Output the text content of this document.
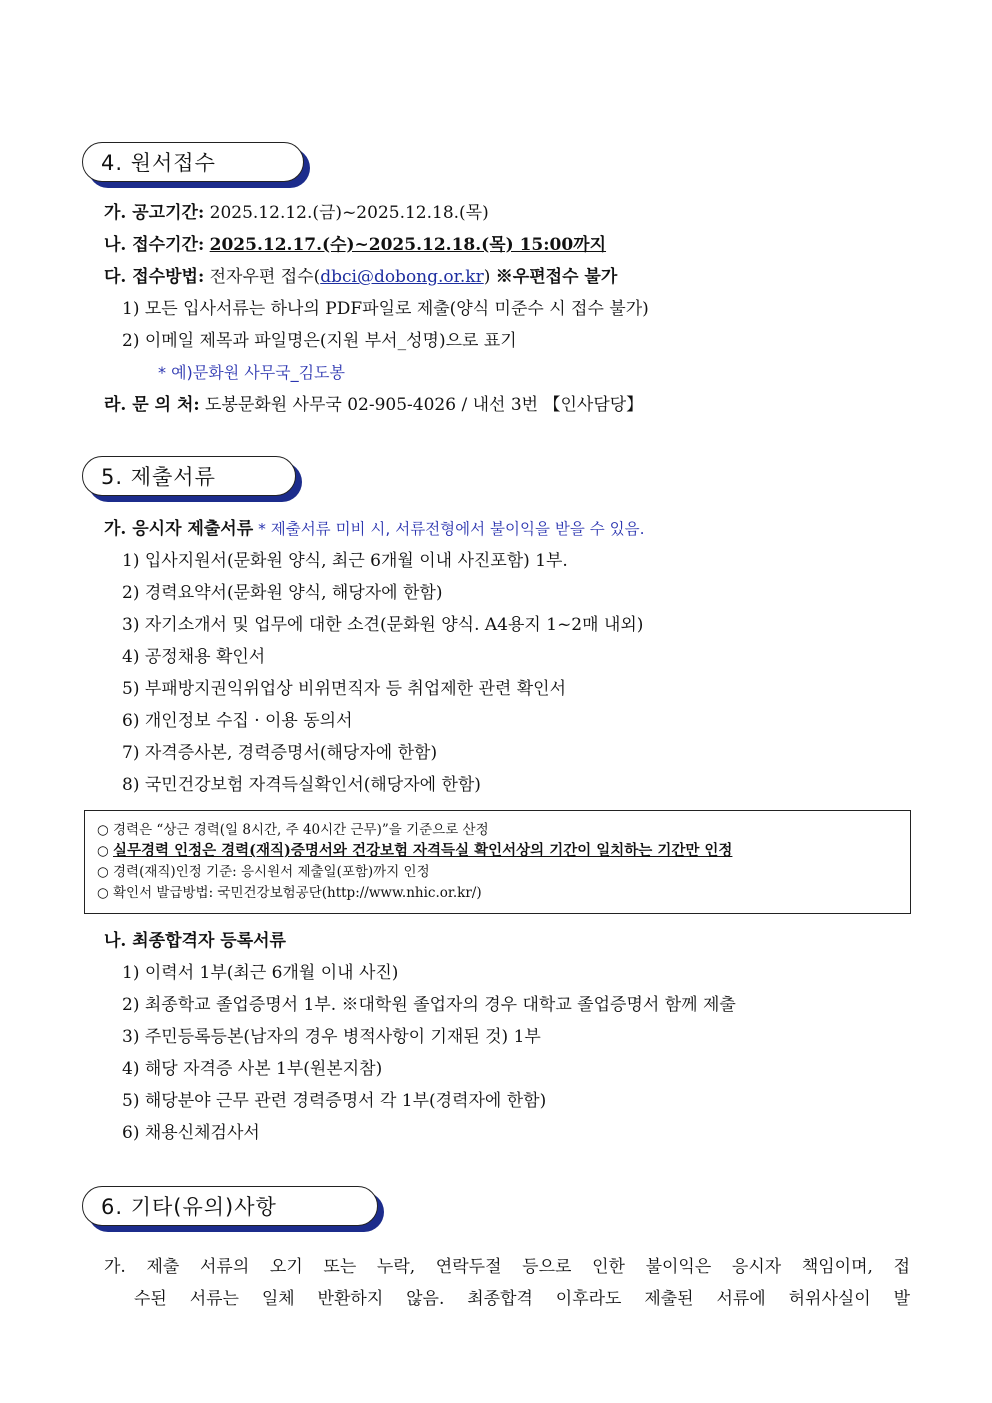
4. 원서접수
가. 공고기간: 2025.12.12.(금)~2025.12.18.(목)
나. 접수기간: 2025.12.17.(수)~2025.12.18.(목) 15:00까지
다. 접수방법: 전자우편 접수(dbci@dobong.or.kr) ※우편접수 불가
1) 모든 입사서류는 하나의 PDF파일로 제출(양식 미준수 시 접수 불가)
2) 이메일 제목과 파일명은(지원 부서_성명)으로 표기
* 예)문화원 사무국_김도봉
라. 문 의 처: 도봉문화원 사무국 02-905-4026 / 내선 3번 【인사담당】
5. 제출서류
가. 응시자 제출서류 * 제출서류 미비 시, 서류전형에서 불이익을 받을 수 있음.
1) 입사지원서(문화원 양식, 최근 6개월 이내 사진포함) 1부.
2) 경력요약서(문화원 양식, 해당자에 한함)
3) 자기소개서 및 업무에 대한 소견(문화원 양식. A4용지 1~2매 내외)
4) 공정채용 확인서
5) 부패방지권익위업상 비위면직자 등 취업제한 관련 확인서
6) 개인정보 수집 · 이용 동의서
7) 자격증사본, 경력증명서(해당자에 한함)
8) 국민건강보험 자격득실확인서(해당자에 한함)
○ 경력은 “상근 경력(일 8시간, 주 40시간 근무)”을 기준으로 산정
○ 실무경력 인정은 경력(재직)증명서와 건강보험 자격득실 확인서상의 기간이 일치하는 기간만 인정
○ 경력(재직)인정 기준: 응시원서 제출일(포함)까지 인정
○ 확인서 발급방법: 국민건강보험공단(http://www.nhic.or.kr/)
나. 최종합격자 등록서류
1) 이력서 1부(최근 6개월 이내 사진)
2) 최종학교 졸업증명서 1부. ※대학원 졸업자의 경우 대학교 졸업증명서 함께 제출
3) 주민등록등본(남자의 경우 병적사항이 기재된 것) 1부
4) 해당 자격증 사본 1부(원본지참)
5) 해당분야 근무 관련 경력증명서 각 1부(경력자에 한함)
6) 채용신체검사서
6. 기타(유의)사항
가. 제출 서류의 오기 또는 누락, 연락두절 등으로 인한 불이익은 응시자 책임이며, 접
수된 서류는 일체 반환하지 않음. 최종합격 이후라도 제출된 서류에 허위사실이 발
